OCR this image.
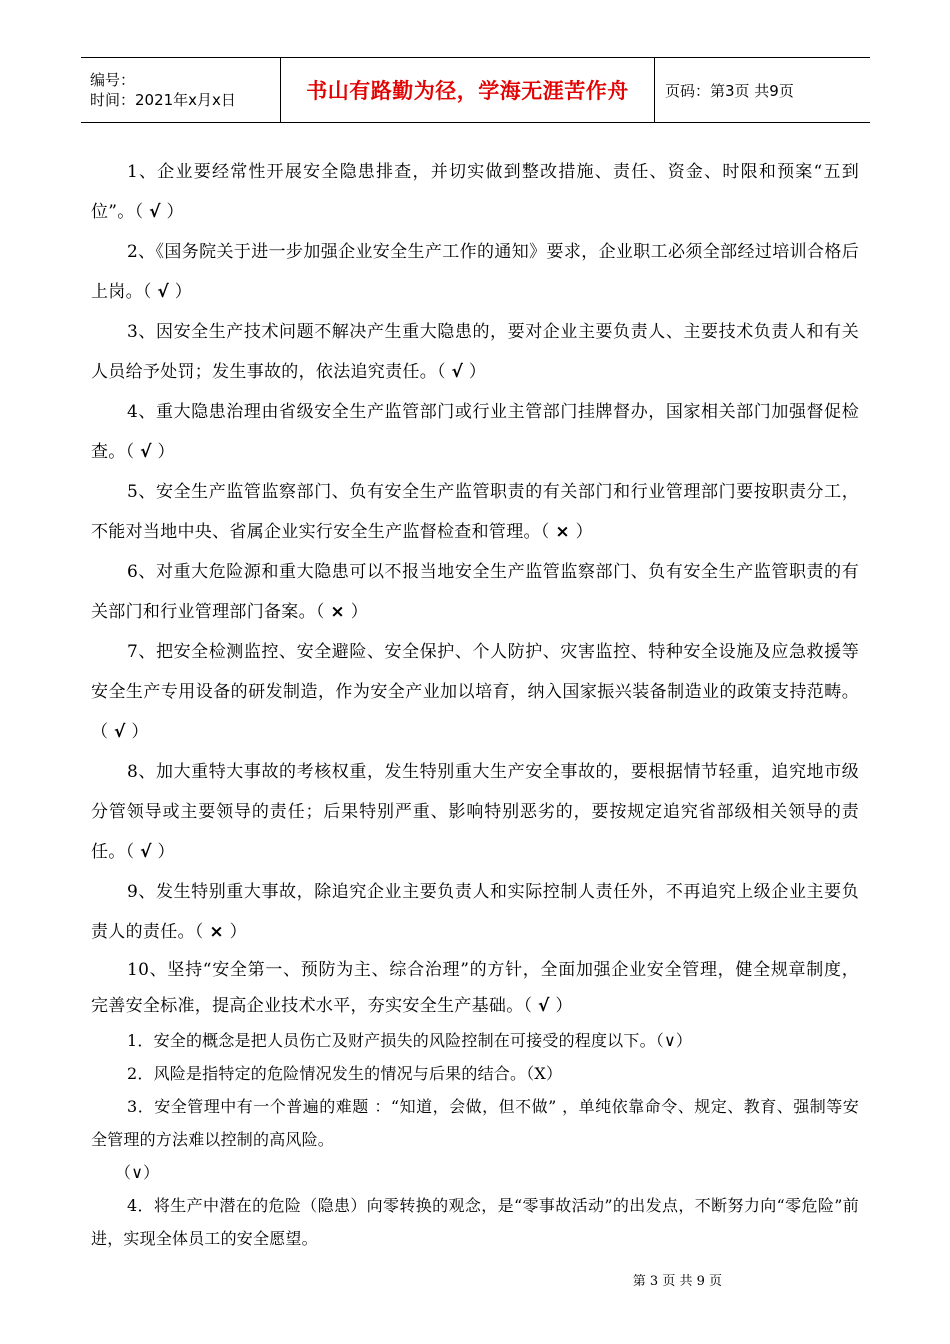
编号：
时间：2021年x月x日	书山有路勤为径，学海无涯苦作舟 页码：第3页 共9页

1、企业要经常性开展安全隐患排查，并切实做到整改措施、责任、资金、时限和预案“五到位”。（ √ ）

2、《国务院关于进一步加强企业安全生产工作的通知》要求，企业职工必须全部经过培训合格后上岗。（ √ ）

3、因安全生产技术问题不解决产生重大隐患的，要对企业主要负责人、主要技术负责人和有关人员给予处罚；发生事故的，依法追究责任。（ √ ）

4、重大隐患治理由省级安全生产监管部门或行业主管部门挂牌督办，国家相关部门加强督促检查。（ √ ）

5、安全生产监管监察部门、负有安全生产监管职责的有关部门和行业管理部门要按职责分工，不能对当地中央、省属企业实行安全生产监督检查和管理。（ × ）

6、对重大危险源和重大隐患可以不报当地安全生产监管监察部门、负有安全生产监管职责的有关部门和行业管理部门备案。（ × ）

7、把安全检测监控、安全避险、安全保护、个人防护、灾害监控、特种安全设施及应急救援等安全生产专用设备的研发制造，作为安全产业加以培育，纳入国家振兴装备制造业的政策支持范畴。（ √ ）

8、加大重特大事故的考核权重，发生特别重大生产安全事故的，要根据情节轻重，追究地市级分管领导或主要领导的责任；后果特别严重、影响特别恶劣的，要按规定追究省部级相关领导的责任。（ √ ）

9、发生特别重大事故，除追究企业主要负责人和实际控制人责任外，不再追究上级企业主要负责人的责任。（ × ）

10、坚持“安全第一、预防为主、综合治理”的方针，全面加强企业安全管理，健全规章制度，完善安全标准，提高企业技术水平，夯实安全生产基础。（ √ ）

1．安全的概念是把人员伤亡及财产损失的风险控制在可接受的程度以下。（∨）

2．风险是指特定的危险情况发生的情况与后果的结合。（X）

3．安全管理中有一个普遍的难题 ：“知道，会做，但不做” ，单纯依靠命令、规定、教育、强制等安全管理的方法难以控制的高风险。

（∨）

4．将生产中潜在的危险（隐患）向零转换的观念，是“零事故活动”的出发点，不断努力向“零危险”前进，实现全体员工的安全愿望。

第 3 页 共 9 页
